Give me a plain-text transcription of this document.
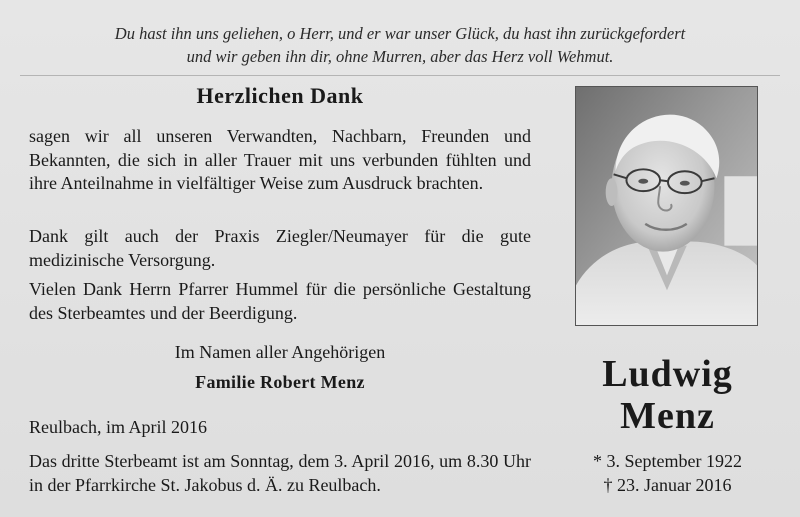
Du hast ihn uns geliehen, o Herr, und er war unser Glück, du hast ihn zurückgefordert
und wir geben ihn dir, ohne Murren, aber das Herz voll Wehmut.
Herzlichen Dank
sagen wir all unseren Verwandten, Nachbarn, Freunden und Bekannten, die sich in aller Trauer mit uns verbunden fühlten und ihre Anteilnahme in vielfältiger Weise zum Ausdruck brachten.
Dank gilt auch der Praxis Ziegler/Neumayer für die gute medizinische Versorgung.
Vielen Dank Herrn Pfarrer Hummel für die persönliche Gestaltung des Sterbeamtes und der Beerdigung.
Im Namen aller Angehörigen
Familie Robert Menz
Reulbach, im April 2016
Das dritte Sterbeamt ist am Sonntag, dem 3. April 2016, um 8.30 Uhr in der Pfarrkirche St. Jakobus d. Ä. zu Reulbach.
Ludwig
Menz
* 3. September 1922
† 23. Januar 2016
